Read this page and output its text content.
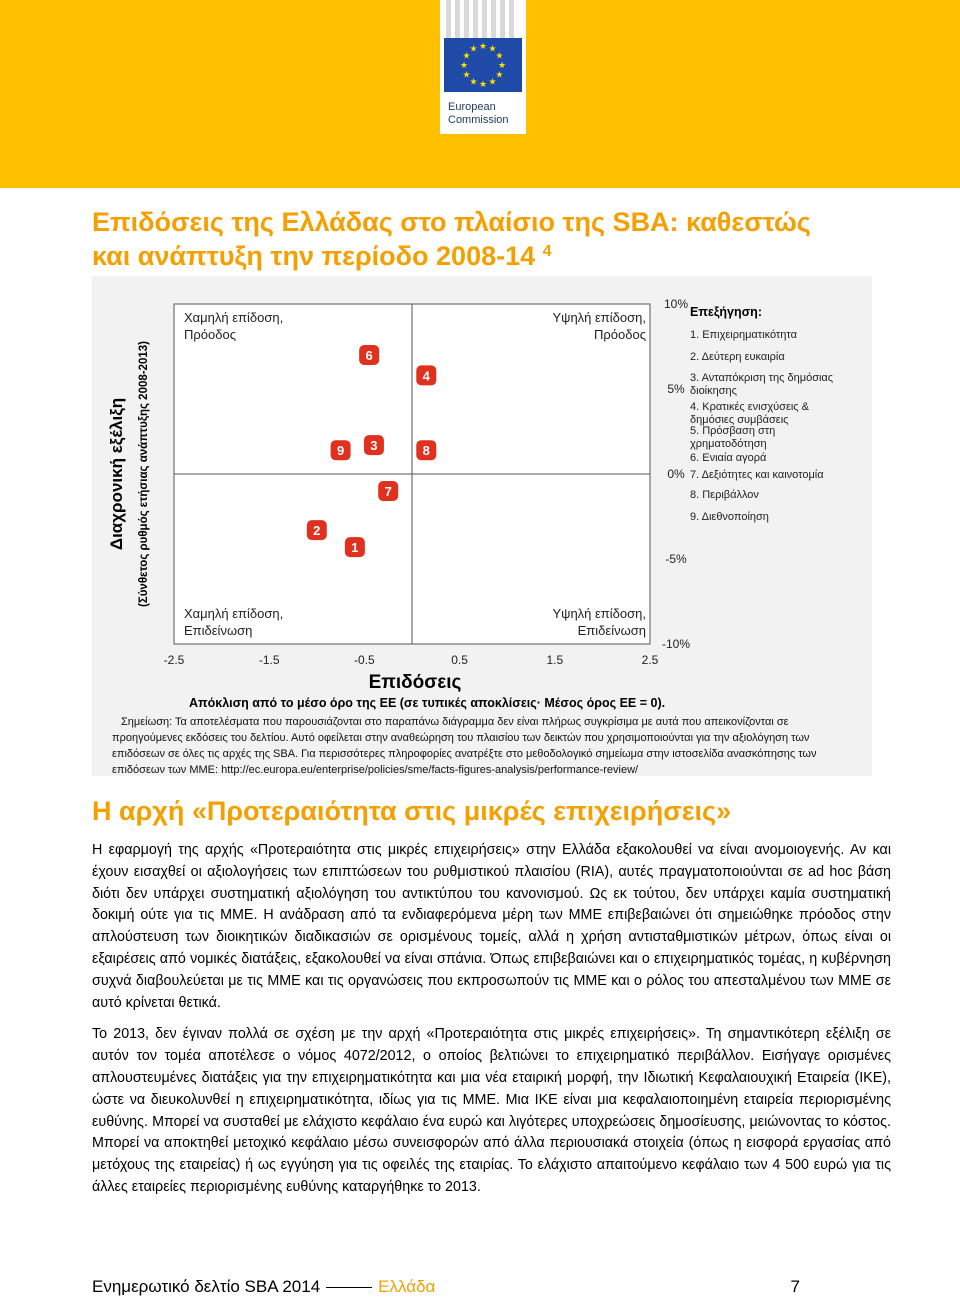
★ ★
★
★
★
★
★
★
★
★
★
★
European
Commission
Επιδόσεις της Ελλάδας στο πλαίσιο της SBA: καθεστώς
και ανάπτυξη την περίοδο 2008-14 $^4$
Χαμηλή επίδοση,
Πρόοδος
Υψηλή επίδοση,
Πρόοδος
Χαμηλή επίδοση,
Επιδείνωση
Υψηλή επίδοση,
Επιδείνωση
-2.5	-1.5	-0.5	0.5	1.5	2.5
10%
5%
0%
-5%
-10%
Επιδόσεις
Απόκλιση από το μέσο όρο της ΕΕ (σε τυπικές αποκλίσεις· Μέσος όρος ΕΕ = 0).
Διαχρονική εξέλιξη (Σύνθετος ρυθμός ετήσιας ανάπτυξης 2008-2013)	1
2
3
4
6
7
8
9
Επεξήγηση:
1. Επιχειρηματικότητα
2. Δεύτερη ευκαιρία
3. Ανταπόκριση της δημόσιας
διοίκησης
4. Κρατικές ενισχύσεις &
δημόσιες συμβάσεις
5. Πρόσβαση στη
χρηματοδότηση
6. Ενιαία αγορά
7. Δεξιότητες και καινοτομία
8. Περιβάλλον
9. Διεθνοποίηση
Σημείωση: Τα αποτελέσματα που παρουσιάζονται στο παραπάνω διάγραμμα δεν είναι πλήρως συγκρίσιμα με αυτά που απεικονίζονται σε
προηγούμενες εκδόσεις του δελτίου. Αυτό οφείλεται στην αναθεώρηση του πλαισίου των δεικτών που χρησιμοποιούνται για την αξιολόγηση των
επιδόσεων σε όλες τις αρχές της SBA. Για περισσότερες πληροφορίες ανατρέξτε στο μεθοδολογικό σημείωμα στην ιστοσελίδα ανασκόπησης των
επιδόσεων των ΜΜΕ: http://ec.europa.eu/enterprise/policies/sme/facts-figures-analysis/performance-review/
Η αρχή «Προτεραιότητα στις μικρές επιχειρήσεις»

Η εφαρμογή της αρχής «Προτεραιότητα στις μικρές επιχειρήσεις» στην Ελλάδα εξακολουθεί να είναι ανομοιογενής. Αν και έχουν εισαχθεί οι αξιολογήσεις των επιπτώσεων του ρυθμιστικού πλαισίου (RIA), αυτές πραγματοποιούνται σε ad hoc βάση διότι δεν υπάρχει συστηματική αξιολόγηση του αντικτύπου του κανονισμού. Ως εκ τούτου, δεν υπάρχει καμία συστηματική δοκιμή ούτε για τις ΜΜΕ. Η ανάδραση από τα ενδιαφερόμενα μέρη των ΜΜΕ επιβεβαιώνει ότι σημειώθηκε πρόοδος στην απλούστευση των διοικητικών διαδικασιών σε ορισμένους τομείς, αλλά η χρήση αντισταθμιστικών μέτρων, όπως είναι οι εξαιρέσεις από νομικές διατάξεις, εξακολουθεί να είναι σπάνια. Όπως επιβεβαιώνει και ο επιχειρηματικός τομέας, η κυβέρνηση συχνά διαβουλεύεται με τις ΜΜΕ και τις οργανώσεις που εκπροσωπούν τις ΜΜΕ και ο ρόλος του απεσταλμένου των ΜΜΕ σε αυτό κρίνεται θετικά.

Το 2013, δεν έγιναν πολλά σε σχέση με την αρχή «Προτεραιότητα στις μικρές επιχειρήσεις». Τη σημαντικότερη εξέλιξη σε αυτόν τον τομέα αποτέλεσε ο νόμος 4072/2012, ο οποίος βελτιώνει το επιχειρηματικό περιβάλλον. Εισήγαγε ορισμένες απλουστευμένες διατάξεις για την επιχειρηματικότητα και μια νέα εταιρική μορφή, την Ιδιωτική Κεφαλαιουχική Εταιρεία (ΙΚΕ), ώστε να διευκολυνθεί η επιχειρηματικότητα, ιδίως για τις ΜΜΕ. Μια ΙΚΕ είναι μια κεφαλαιοποιημένη εταιρεία περιορισμένης ευθύνης. Μπορεί να συσταθεί με ελάχιστο κεφάλαιο ένα ευρώ και λιγότερες υποχρεώσεις δημοσίευσης, μειώνοντας το κόστος. Μπορεί να αποκτηθεί μετοχικό κεφάλαιο μέσω συνεισφορών από άλλα περιουσιακά στοιχεία (όπως η εισφορά εργασίας από μετόχους της εταιρείας) ή ως εγγύηση για τις οφειλές της εταιρίας. Το ελάχιστο απαιτούμενο κεφάλαιο των 4 500 ευρώ για τις άλλες εταιρείες περιορισμένης ευθύνης καταργήθηκε το 2013.

Ενημερωτικό δελτίο SBA 2014	Ελλάδα	7
